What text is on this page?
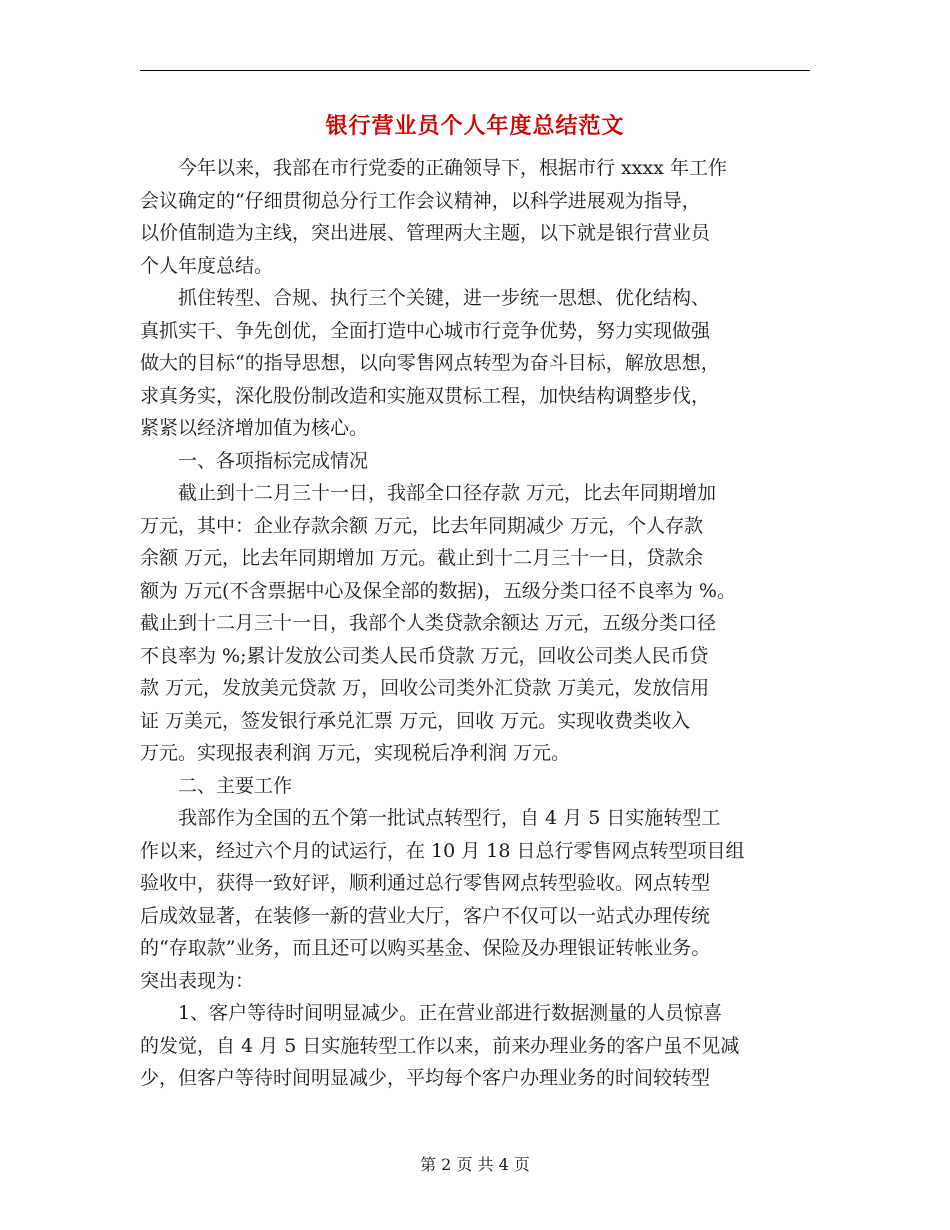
银行营业员个人年度总结范文
　　今年以来，我部在市行党委的正确领导下，根据市行 xxxx 年工作
会议确定的“仔细贯彻总分行工作会议精神，以科学进展观为指导，
以价值制造为主线，突出进展、管理两大主题，以下就是银行营业员
个人年度总结。
　　抓住转型、合规、执行三个关键，进一步统一思想、优化结构、
真抓实干、争先创优，全面打造中心城市行竞争优势，努力实现做强
做大的目标“的指导思想，以向零售网点转型为奋斗目标，解放思想，
求真务实，深化股份制改造和实施双贯标工程，加快结构调整步伐，
紧紧以经济增加值为核心。
　　一、各项指标完成情况
　　截止到十二月三十一日，我部全口径存款 万元，比去年同期增加
万元，其中：企业存款余额 万元，比去年同期减少 万元，个人存款
余额 万元，比去年同期增加 万元。截止到十二月三十一日，贷款余
额为 万元(不含票据中心及保全部的数据)，五级分类口径不良率为 %。
截止到十二月三十一日，我部个人类贷款余额达 万元，五级分类口径
不良率为 %;累计发放公司类人民币贷款 万元，回收公司类人民币贷
款 万元，发放美元贷款 万，回收公司类外汇贷款 万美元，发放信用
证 万美元，签发银行承兑汇票 万元，回收 万元。实现收费类收入
万元。实现报表利润 万元，实现税后净利润 万元。
　　二、主要工作
　　我部作为全国的五个第一批试点转型行，自 4 月 5 日实施转型工
作以来，经过六个月的试运行，在 10 月 18 日总行零售网点转型项目组
验收中，获得一致好评，顺利通过总行零售网点转型验收。网点转型
后成效显著，在装修一新的营业大厅，客户不仅可以一站式办理传统
的“存取款”业务，而且还可以购买基金、保险及办理银证转帐业务。
突出表现为：
　　1、客户等待时间明显减少。正在营业部进行数据测量的人员惊喜
的发觉，自 4 月 5 日实施转型工作以来，前来办理业务的客户虽不见减
少，但客户等待时间明显减少，平均每个客户办理业务的时间较转型
第 2 页 共 4 页
